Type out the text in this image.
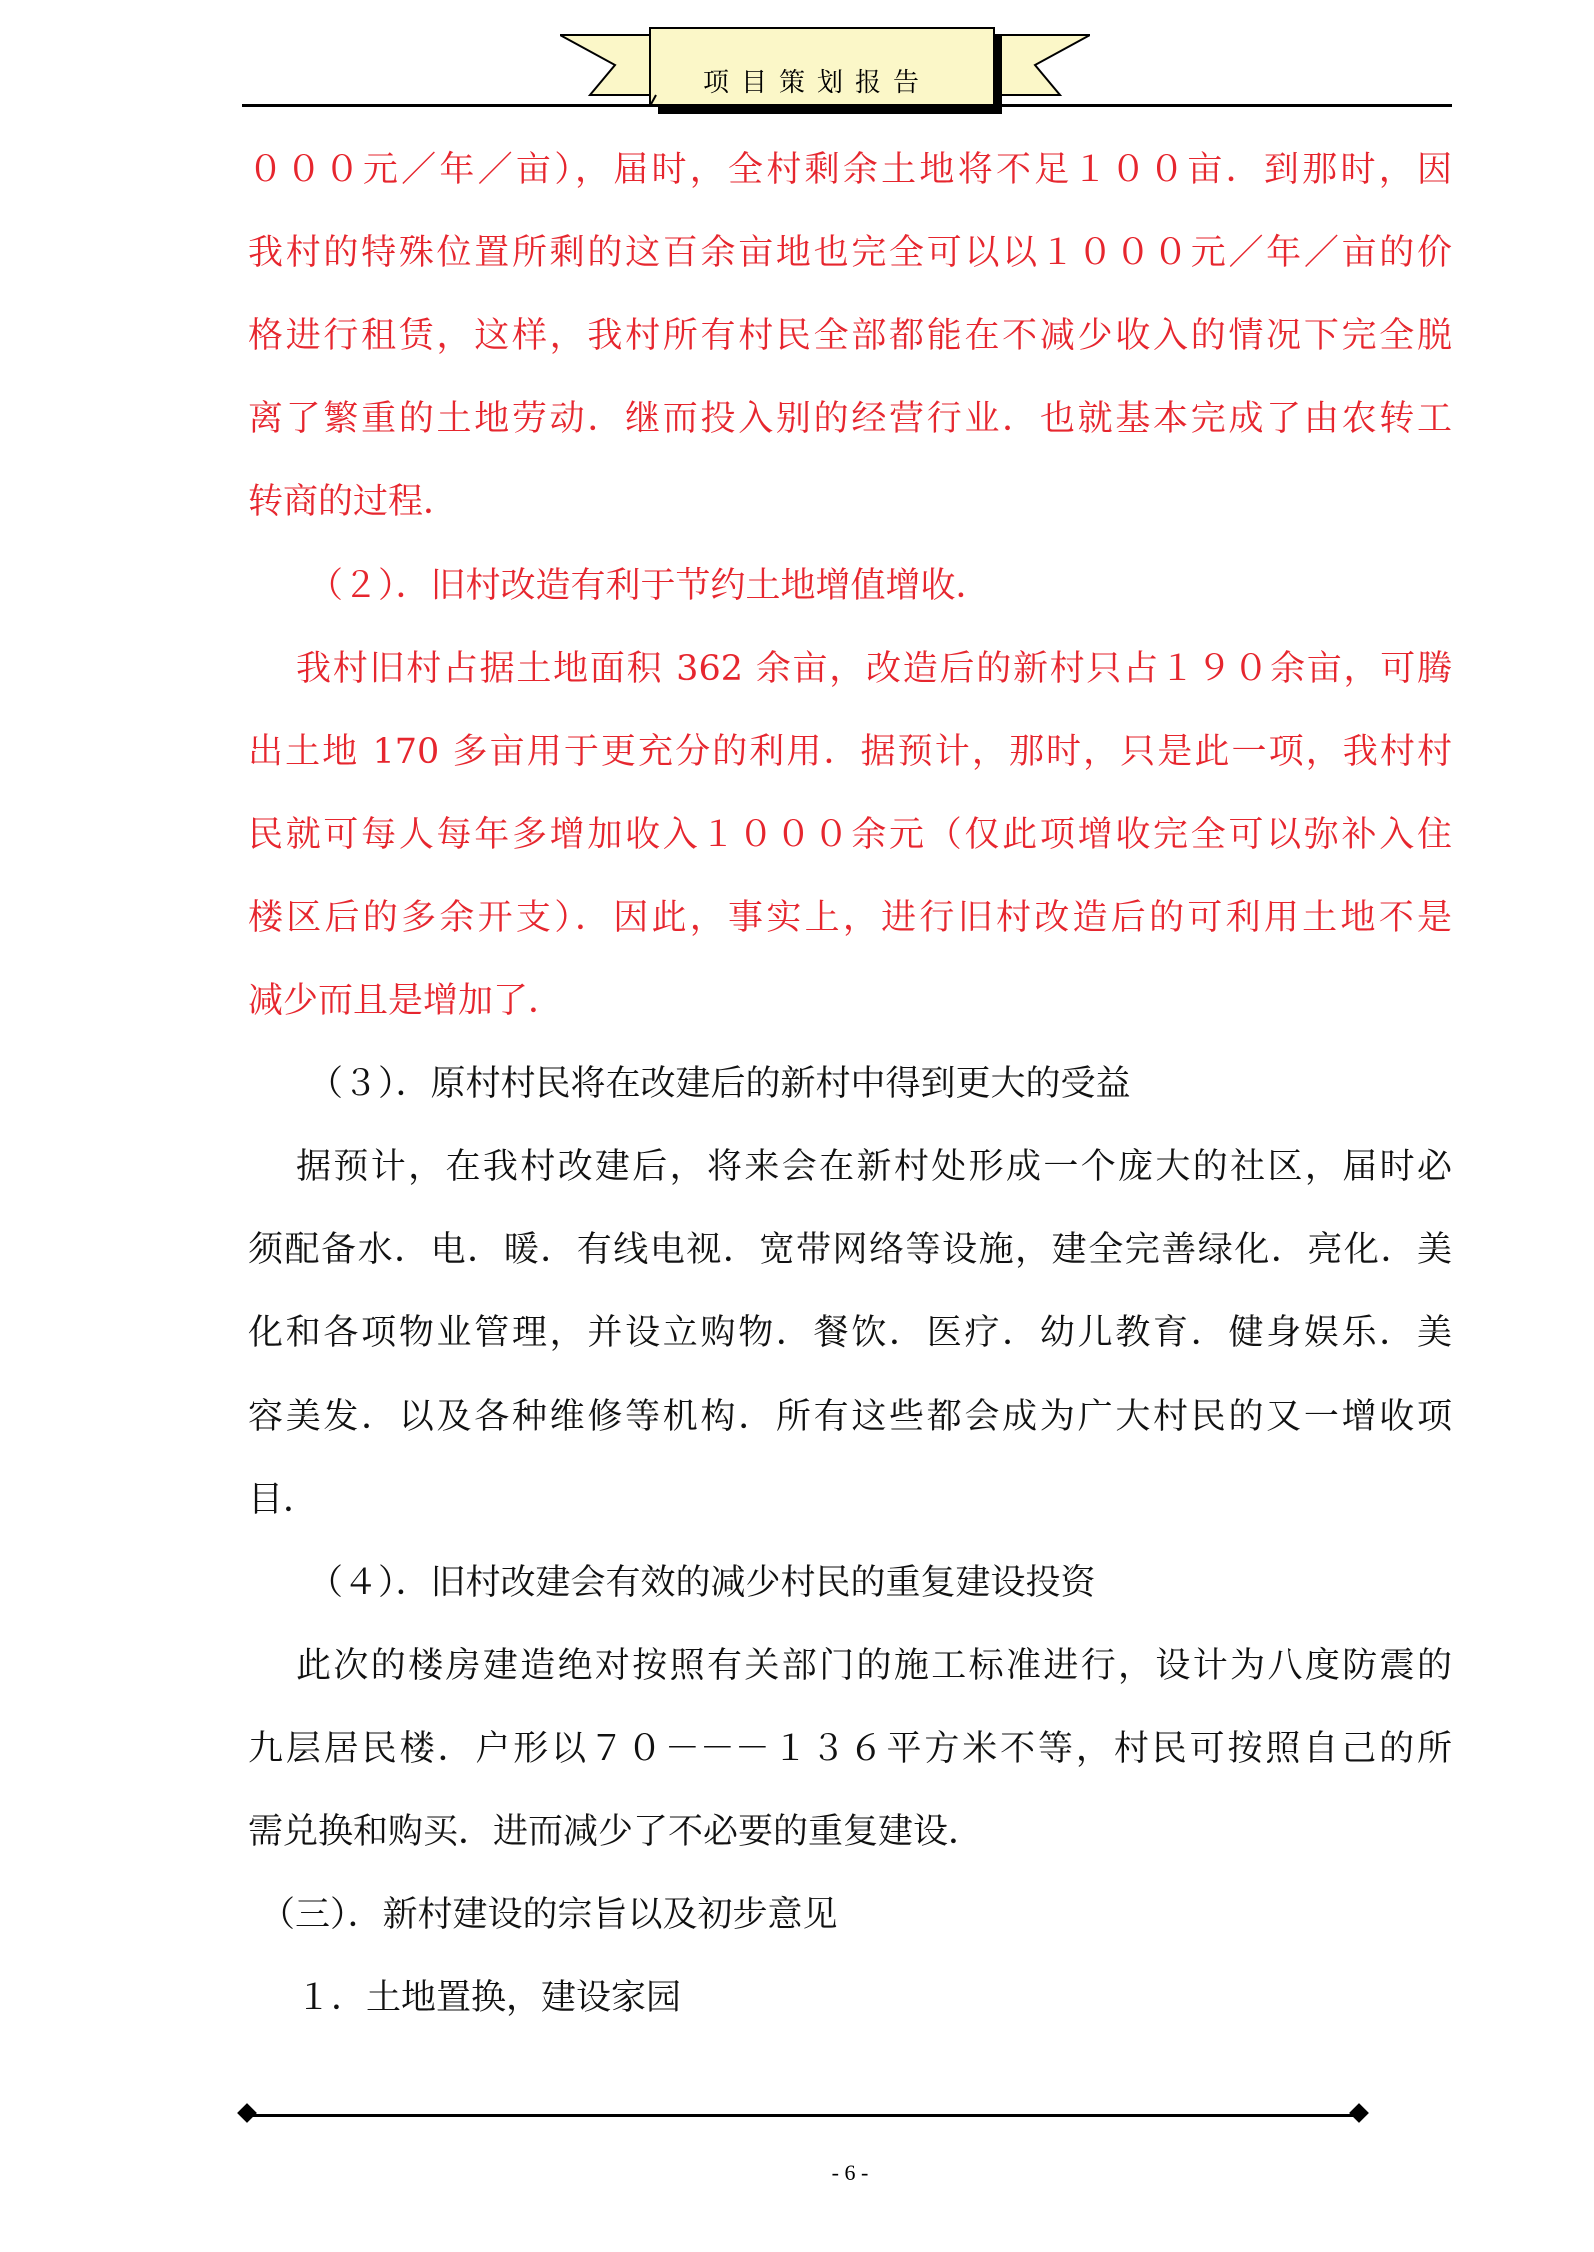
项目策划报告
０００元／年／亩），届时，全村剩余土地将不足１００亩．到那时，因
我村的特殊位置所剩的这百余亩地也完全可以以１０００元／年／亩的价
格进行租赁，这样，我村所有村民全部都能在不减少收入的情况下完全脱
离了繁重的土地劳动．继而投入别的经营行业．也就基本完成了由农转工
转商的过程．
（２）．旧村改造有利于节约土地增值增收．
我村旧村占据土地面积 362 余亩，改造后的新村只占１９０余亩，可腾
出土地 170 多亩用于更充分的利用．据预计，那时，只是此一项，我村村
民就可每人每年多增加收入１０００余元（仅此项增收完全可以弥补入住
楼区后的多余开支）．因此，事实上，进行旧村改造后的可利用土地不是
减少而且是增加了．
（３）．原村村民将在改建后的新村中得到更大的受益
据预计，在我村改建后，将来会在新村处形成一个庞大的社区，届时必
须配备水．电．暖．有线电视．宽带网络等设施，建全完善绿化．亮化．美
化和各项物业管理，并设立购物．餐饮．医疗．幼儿教育．健身娱乐．美
容美发．以及各种维修等机构．所有这些都会成为广大村民的又一增收项
目．
（４）．旧村改建会有效的减少村民的重复建设投资
此次的楼房建造绝对按照有关部门的施工标准进行，设计为八度防震的
九层居民楼．户形以７０－－－１３６平方米不等，村民可按照自己的所
需兑换和购买．进而减少了不必要的重复建设．
（三）．新村建设的宗旨以及初步意见
１．土地置换，建设家园
- 6 -
